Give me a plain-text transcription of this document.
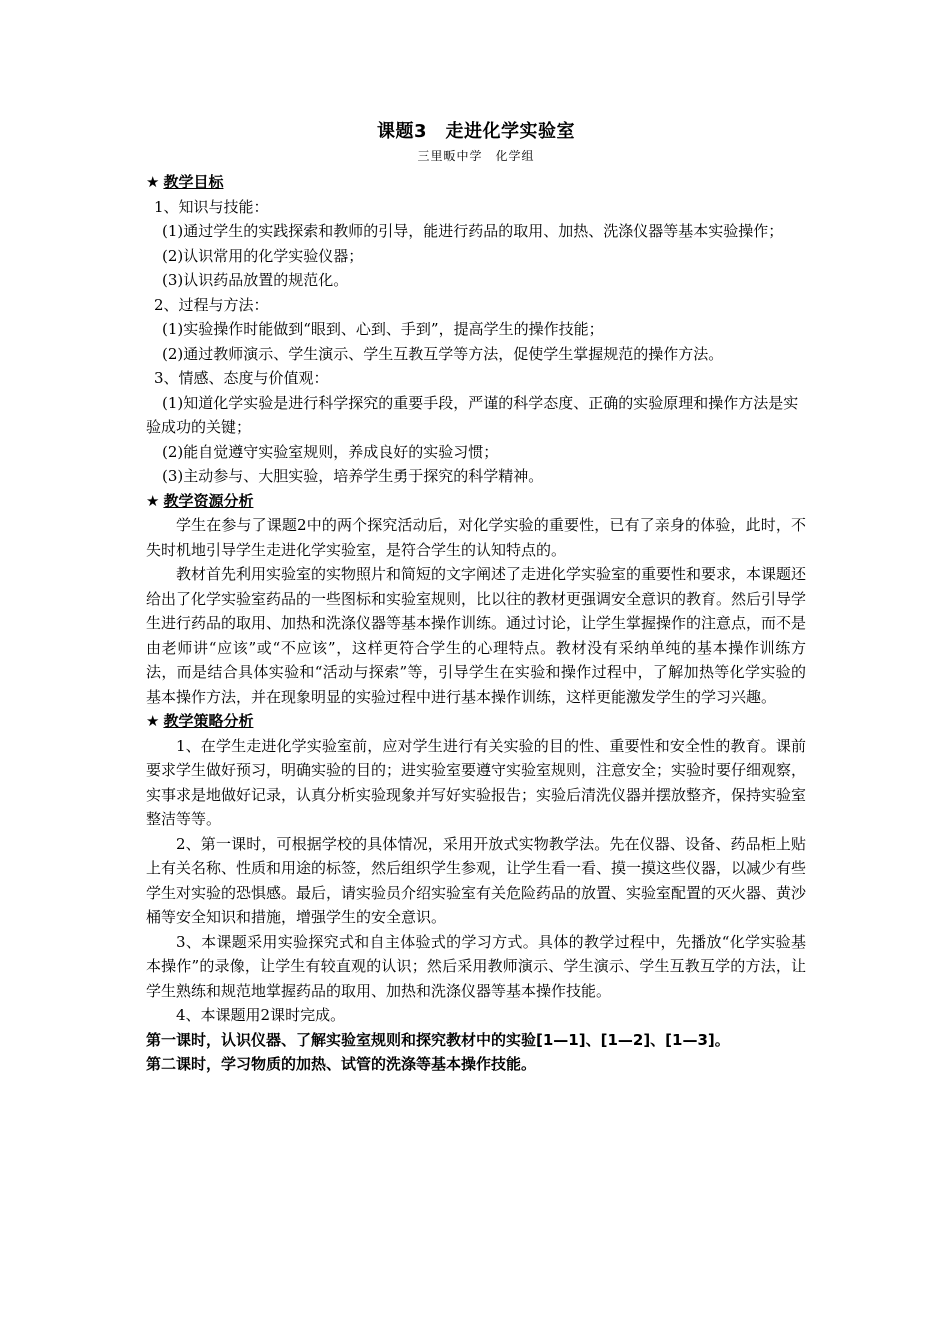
课题3　走进化学实验室

三里畈中学　化学组

★ 教学目标

1、知识与技能：

(1)通过学生的实践探索和教师的引导，能进行药品的取用、加热、洗涤仪器等基本实验操作；

(2)认识常用的化学实验仪器；

(3)认识药品放置的规范化。

2、过程与方法：

(1)实验操作时能做到“眼到、心到、手到”，提高学生的操作技能；

(2)通过教师演示、学生演示、学生互教互学等方法，促使学生掌握规范的操作方法。

3、情感、态度与价值观：

(1)知道化学实验是进行科学探究的重要手段，严谨的科学态度、正确的实验原理和操作方法是实验成功的关键；

(2)能自觉遵守实验室规则，养成良好的实验习惯；

(3)主动参与、大胆实验，培养学生勇于探究的科学精神。

★ 教学资源分析

学生在参与了课题2中的两个探究活动后，对化学实验的重要性，已有了亲身的体验，此时，不失时机地引导学生走进化学实验室，是符合学生的认知特点的。

教材首先利用实验室的实物照片和简短的文字阐述了走进化学实验室的重要性和要求，本课题还给出了化学实验室药品的一些图标和实验室规则，比以往的教材更强调安全意识的教育。然后引导学生进行药品的取用、加热和洗涤仪器等基本操作训练。通过讨论，让学生掌握操作的注意点，而不是由老师讲“应该”或“不应该”，这样更符合学生的心理特点。教材没有采纳单纯的基本操作训练方法，而是结合具体实验和“活动与探索”等，引导学生在实验和操作过程中，了解加热等化学实验的基本操作方法，并在现象明显的实验过程中进行基本操作训练，这样更能激发学生的学习兴趣。

★ 教学策略分析

1、在学生走进化学实验室前，应对学生进行有关实验的目的性、重要性和安全性的教育。课前要求学生做好预习，明确实验的目的；进实验室要遵守实验室规则，注意安全；实验时要仔细观察，实事求是地做好记录，认真分析实验现象并写好实验报告；实验后清洗仪器并摆放整齐，保持实验室整洁等等。

2、第一课时，可根据学校的具体情况，采用开放式实物教学法。先在仪器、设备、药品柜上贴上有关名称、性质和用途的标签，然后组织学生参观，让学生看一看、摸一摸这些仪器，以减少有些学生对实验的恐惧感。最后，请实验员介绍实验室有关危险药品的放置、实验室配置的灭火器、黄沙桶等安全知识和措施，增强学生的安全意识。

3、本课题采用实验探究式和自主体验式的学习方式。具体的教学过程中，先播放“化学实验基本操作”的录像，让学生有较直观的认识；然后采用教师演示、学生演示、学生互教互学的方法，让学生熟练和规范地掌握药品的取用、加热和洗涤仪器等基本操作技能。

4、本课题用2课时完成。

第一课时，认识仪器、了解实验室规则和探究教材中的实验[1—1]、[1—2]、[1—3]。

第二课时，学习物质的加热、试管的洗涤等基本操作技能。
